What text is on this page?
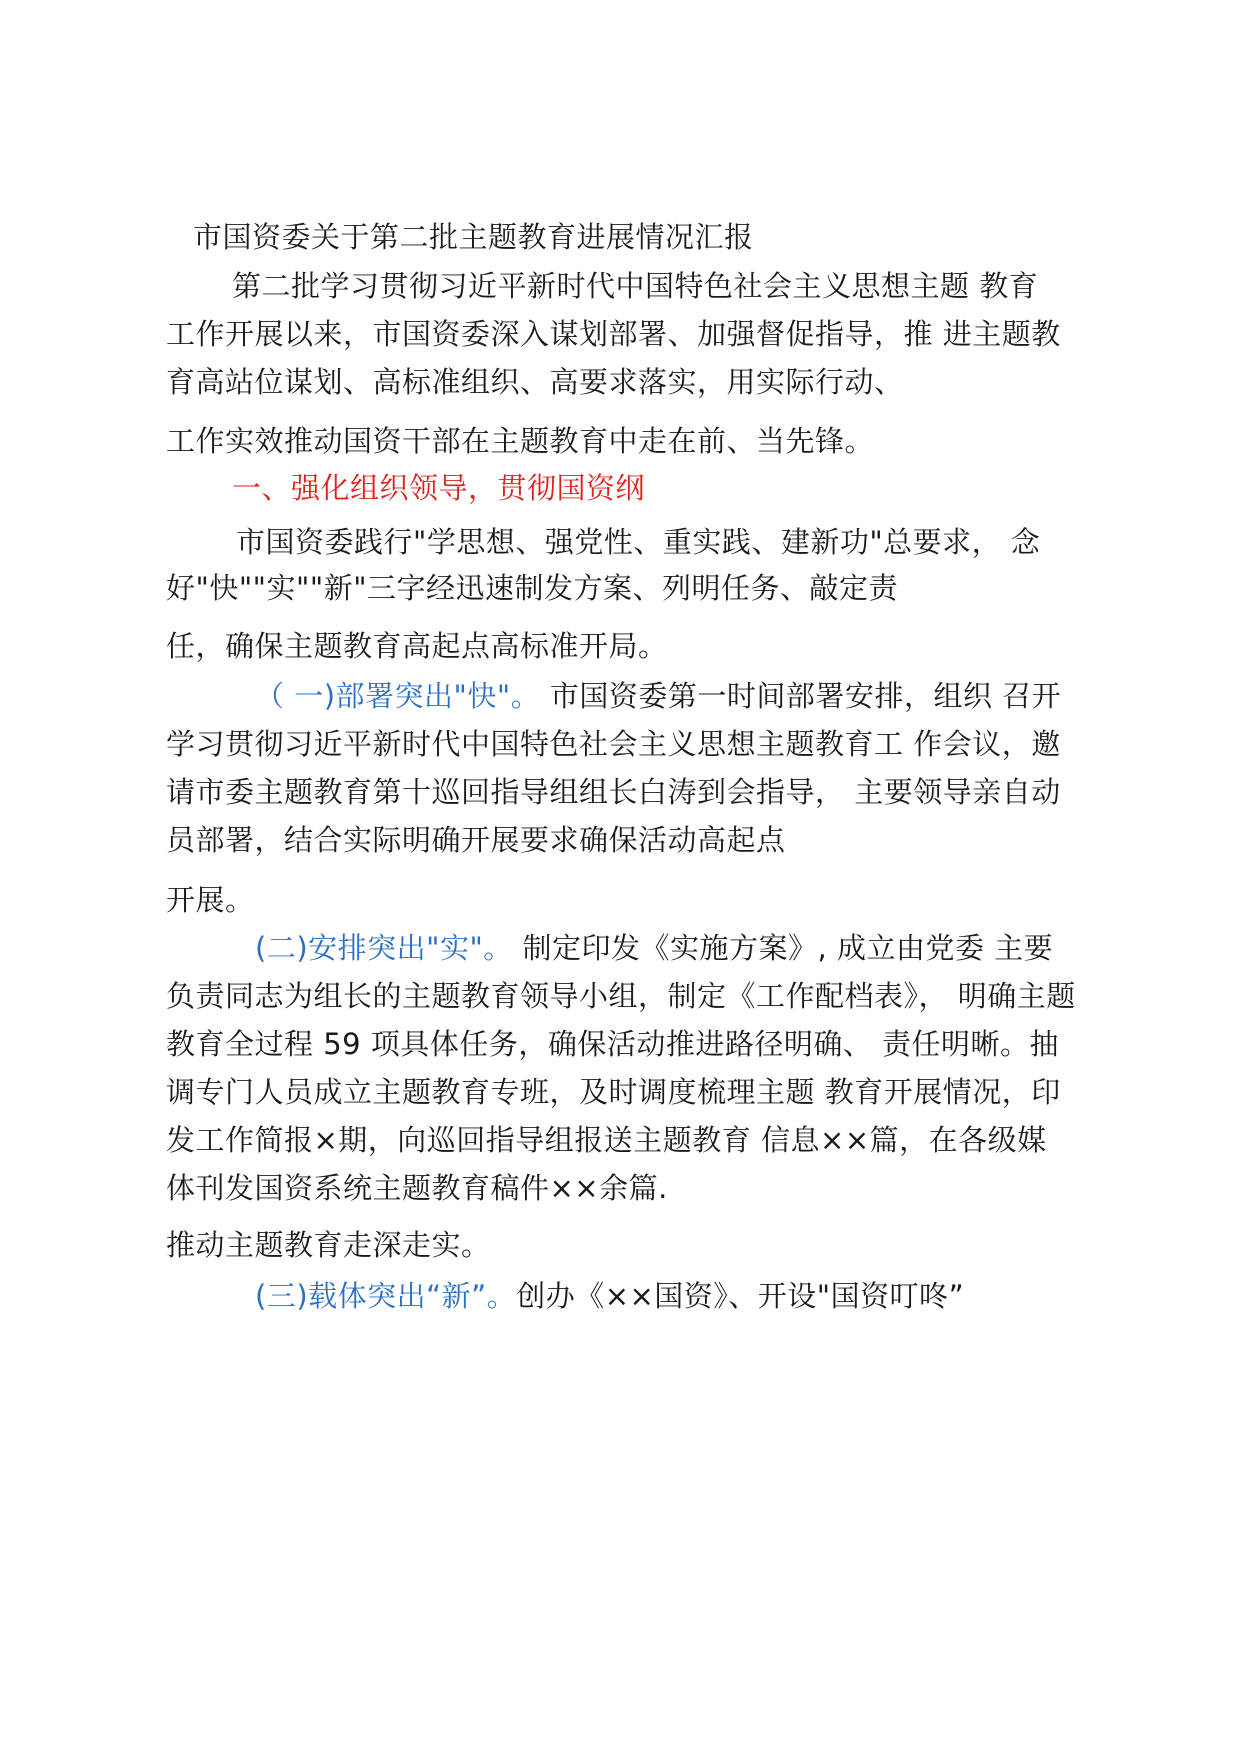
市国资委关于第二批主题教育进展情况汇报
第二批学习贯彻习近平新时代中国特色社会主义思想主题 教育
工作开展以来，市国资委深入谋划部署、加强督促指导，推 进主题教
育高站位谋划、高标准组织、高要求落实，用实际行动、
工作实效推动国资干部在主题教育中走在前、当先锋。
一、强化组织领导，贯彻国资纲
市国资委践行"学思想、强党性、重实践、建新功"总要求， 念
好"快""实""新"三字经迅速制发方案、列明任务、敲定责
任，确保主题教育高起点高标准开局。
（ 一)部署突出"快"。 市国资委第一时间部署安排，组织 召开
学习贯彻习近平新时代中国特色社会主义思想主题教育工 作会议，邀
请市委主题教育第十巡回指导组组长白涛到会指导， 主要领导亲自动
员部署，结合实际明确开展要求确保活动高起点
开展。
(二)安排突出"实"。 制定印发《实施方案》, 成立由党委 主要
负责同志为组长的主题教育领导小组，制定《工作配档表》， 明确主题
教育全过程 59 项具体任务，确保活动推进路径明确、 责任明晰。抽
调专门人员成立主题教育专班，及时调度梳理主题 教育开展情况，印
发工作简报×期，向巡回指导组报送主题教育 信息××篇，在各级媒
体刊发国资系统主题教育稿件××余篇.
推动主题教育走深走实。
(三)载体突出“新”。创办《××国资》、开设"国资叮咚”
